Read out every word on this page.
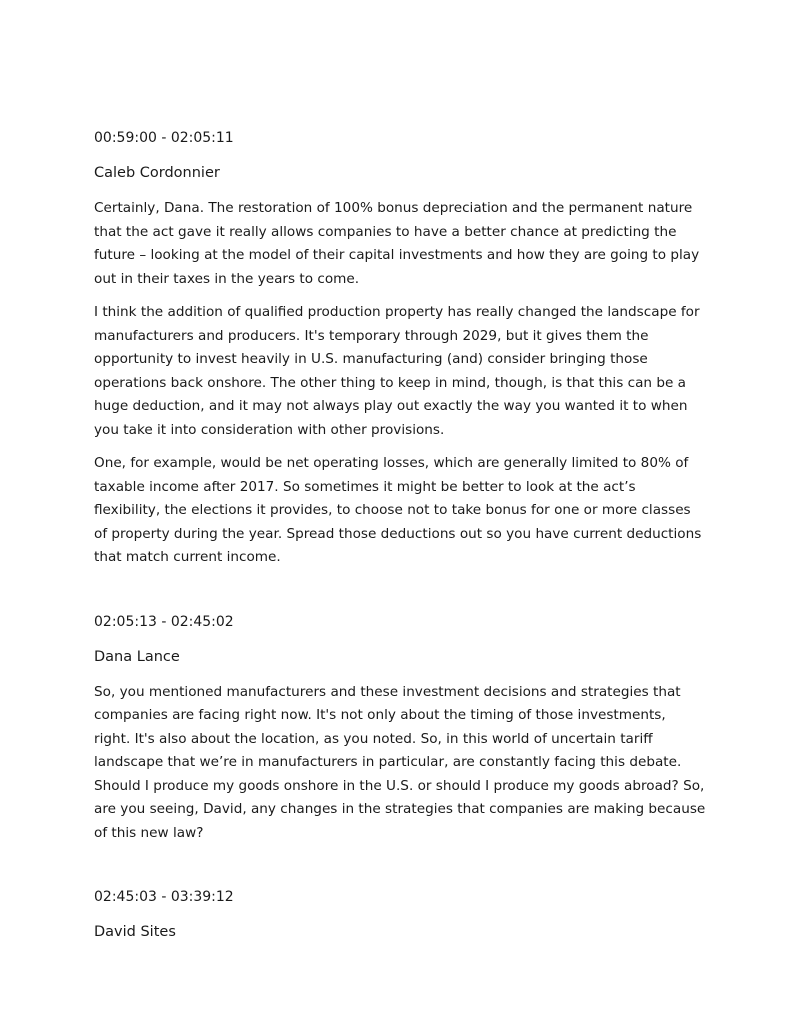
00:59:00 - 02:05:11
Caleb Cordonnier

Certainly, Dana. The restoration of 100% bonus depreciation and the permanent nature that the act gave it really allows companies to have a better chance at predicting the future – looking at the model of their capital investments and how they are going to play out in their taxes in the years to come.

I think the addition of qualified production property has really changed the landscape for manufacturers and producers. It's temporary through 2029, but it gives them the opportunity to invest heavily in U.S. manufacturing (and) consider bringing those operations back onshore. The other thing to keep in mind, though, is that this can be a huge deduction, and it may not always play out exactly the way you wanted it to when you take it into consideration with other provisions.

One, for example, would be net operating losses, which are generally limited to 80% of taxable income after 2017. So sometimes it might be better to look at the act’s flexibility, the elections it provides, to choose not to take bonus for one or more classes of property during the year. Spread those deductions out so you have current deductions that match current income.

02:05:13 - 02:45:02
Dana Lance

So, you mentioned manufacturers and these investment decisions and strategies that companies are facing right now. It's not only about the timing of those investments, right. It's also about the location, as you noted. So, in this world of uncertain tariff landscape that we’re in manufacturers in particular, are constantly facing this debate. Should I produce my goods onshore in the U.S. or should I produce my goods abroad? So, are you seeing, David, any changes in the strategies that companies are making because of this new law?

02:45:03 - 03:39:12
David Sites
